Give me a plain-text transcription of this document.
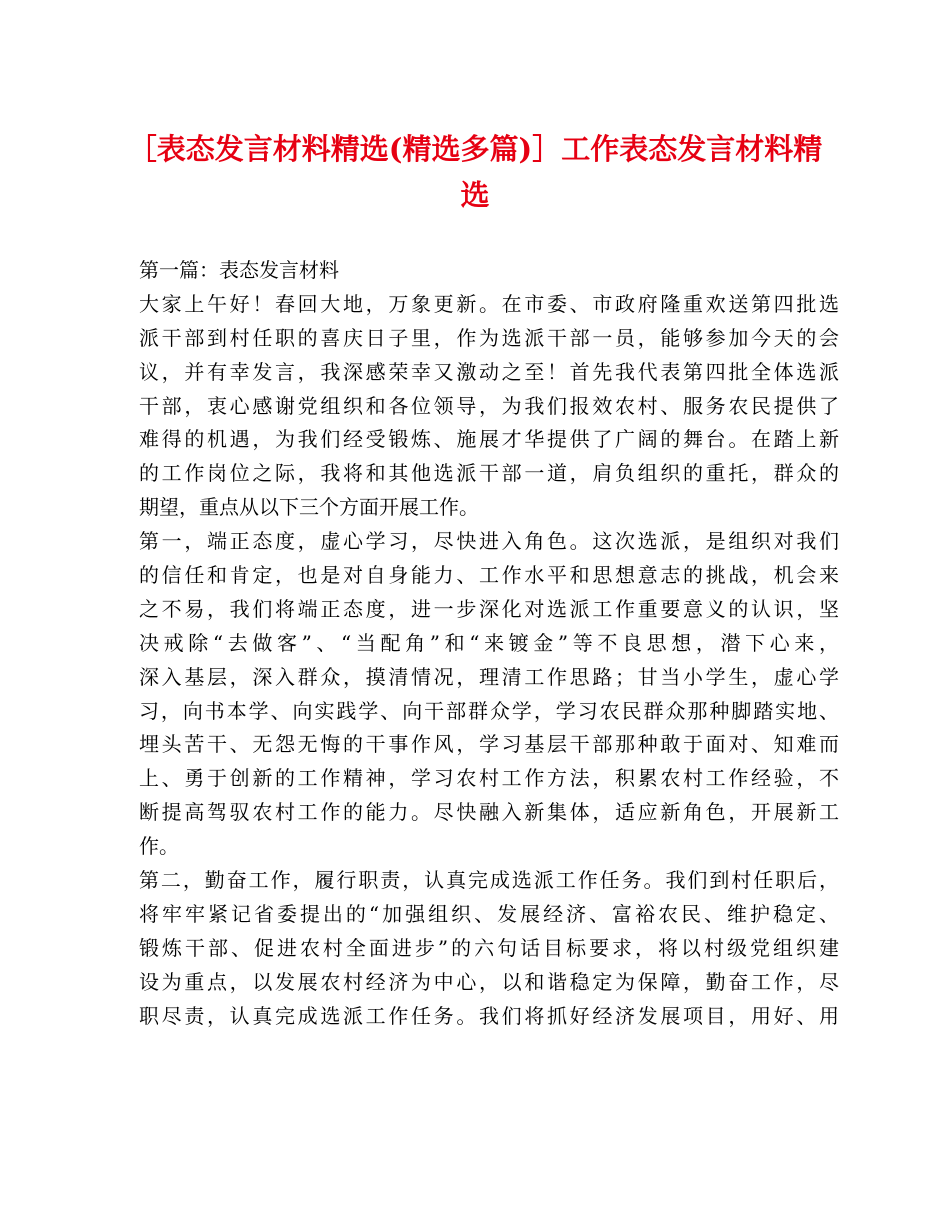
［表态发言材料精选(精选多篇)］工作表态发言材料精
选
第一篇：表态发言材料
大家上午好！春回大地，万象更新。在市委、市政府隆重欢送第四批选
派干部到村任职的喜庆日子里，作为选派干部一员，能够参加今天的会
议，并有幸发言，我深感荣幸又激动之至！首先我代表第四批全体选派
干部，衷心感谢党组织和各位领导，为我们报效农村、服务农民提供了
难得的机遇，为我们经受锻炼、施展才华提供了广阔的舞台。在踏上新
的工作岗位之际，我将和其他选派干部一道，肩负组织的重托，群众的
期望，重点从以下三个方面开展工作。
第一，端正态度，虚心学习，尽快进入角色。这次选派，是组织对我们
的信任和肯定，也是对自身能力、工作水平和思想意志的挑战，机会来
之不易，我们将端正态度，进一步深化对选派工作重要意义的认识，坚
决戒除“去做客”、“当配角”和“来镀金”等不良思想，潜下心来，
深入基层，深入群众，摸清情况，理清工作思路；甘当小学生，虚心学
习，向书本学、向实践学、向干部群众学，学习农民群众那种脚踏实地、
埋头苦干、无怨无悔的干事作风，学习基层干部那种敢于面对、知难而
上、勇于创新的工作精神，学习农村工作方法，积累农村工作经验，不
断提高驾驭农村工作的能力。尽快融入新集体，适应新角色，开展新工
作。
第二，勤奋工作，履行职责，认真完成选派工作任务。我们到村任职后，
将牢牢紧记省委提出的“加强组织、发展经济、富裕农民、维护稳定、
锻炼干部、促进农村全面进步”的六句话目标要求，将以村级党组织建
设为重点，以发展农村经济为中心，以和谐稳定为保障，勤奋工作，尽
职尽责，认真完成选派工作任务。我们将抓好经济发展项目，用好、用
